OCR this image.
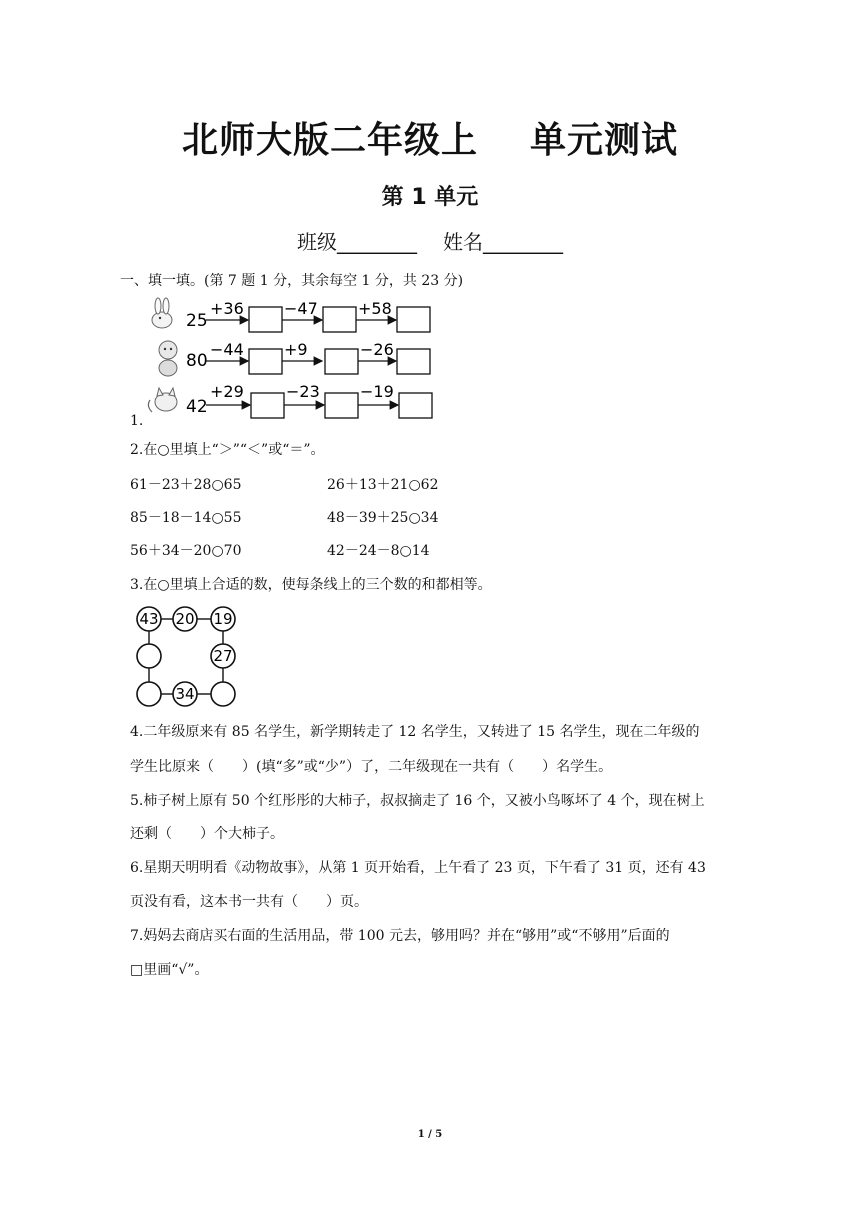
北师大版二年级上 单元测试
第 1 单元
班级________ 姓名________
一、填一填。(第 7 题 1 分，其余每空 1 分，共 23 分)
25
+36	−47	+58
80
−44	+9	−26
42
+29	−23	−19
1.
2.在○里填上“＞”“＜”或“＝”。
61－23＋28○65	26＋13＋21○62
85－18－14○55	48－39＋25○34
56＋34－20○70	42－24－8○14
3.在○里填上合适的数，使每条线上的三个数的和都相等。
43 20 19
27
34
4.二年级原来有 85 名学生，新学期转走了 12 名学生，又转进了 15 名学生，现在二年级的
学生比原来（　　）(填“多”或“少”）了，二年级现在一共有（　　）名学生。
5.柿子树上原有 50 个红彤彤的大柿子，叔叔摘走了 16 个，又被小鸟啄坏了 4 个，现在树上
还剩（　　）个大柿子。
6.星期天明明看《动物故事》，从第 1 页开始看，上午看了 23 页，下午看了 31 页，还有 43
页没有看，这本书一共有（　　）页。
7.妈妈去商店买右面的生活用品，带 100 元去，够用吗？并在“够用”或“不够用”后面的
□里画“√”。
1 / 5
